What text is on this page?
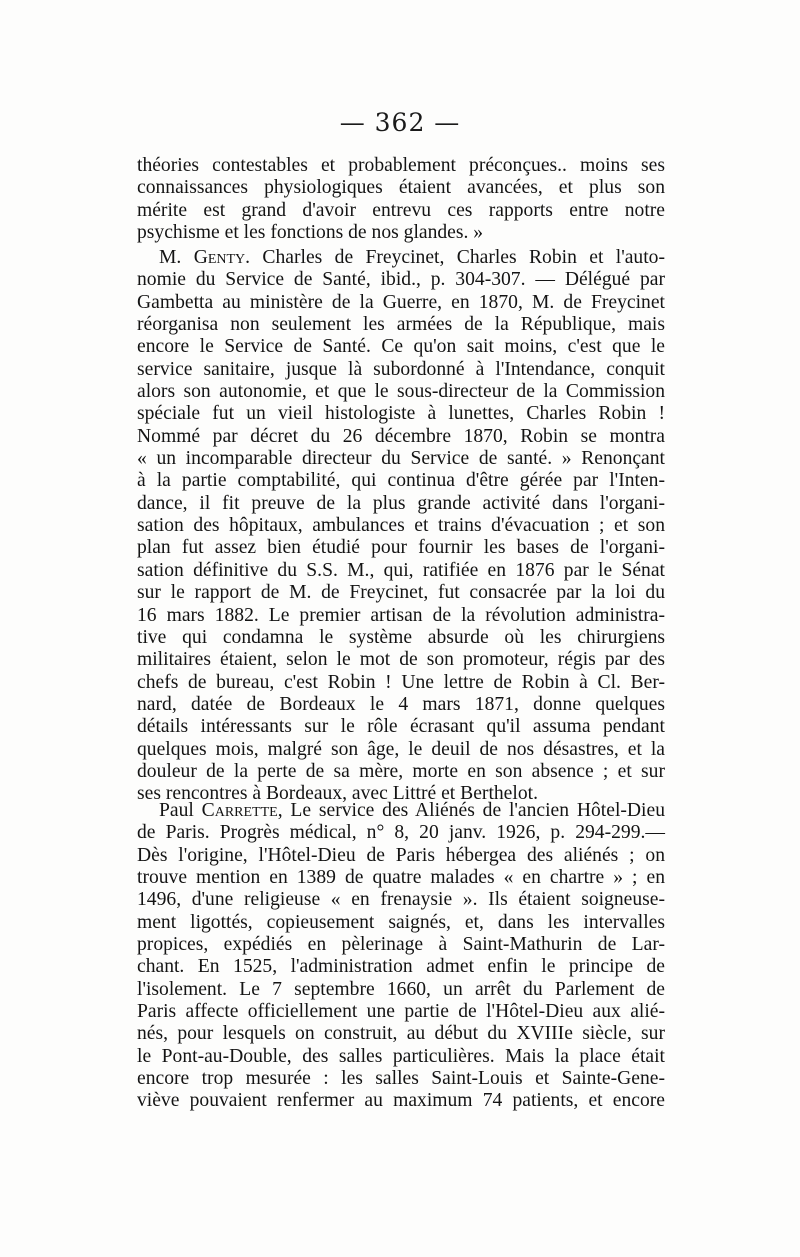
— 362 —
théories contestables et probablement préconçues.. moins ses
connaissances physiologiques étaient avancées, et plus son
mérite est grand d'avoir entrevu ces rapports entre notre
psychisme et les fonctions de nos glandes. »
M. Genty. Charles de Freycinet, Charles Robin et l'auto-
nomie du Service de Santé, ibid., p. 304-307. — Délégué par
Gambetta au ministère de la Guerre, en 1870, M. de Freycinet
réorganisa non seulement les armées de la République, mais
encore le Service de Santé. Ce qu'on sait moins, c'est que le
service sanitaire, jusque là subordonné à l'Intendance, conquit
alors son autonomie, et que le sous-directeur de la Commission
spéciale fut un vieil histologiste à lunettes, Charles Robin !
Nommé par décret du 26 décembre 1870, Robin se montra
« un incomparable directeur du Service de santé. » Renonçant
à la partie comptabilité, qui continua d'être gérée par l'Inten-
dance, il fit preuve de la plus grande activité dans l'organi-
sation des hôpitaux, ambulances et trains d'évacuation ; et son
plan fut assez bien étudié pour fournir les bases de l'organi-
sation définitive du S.S. M., qui, ratifiée en 1876 par le Sénat
sur le rapport de M. de Freycinet, fut consacrée par la loi du
16 mars 1882. Le premier artisan de la révolution administra-
tive qui condamna le système absurde où les chirurgiens
militaires étaient, selon le mot de son promoteur, régis par des
chefs de bureau, c'est Robin ! Une lettre de Robin à Cl. Ber-
nard, datée de Bordeaux le 4 mars 1871, donne quelques
détails intéressants sur le rôle écrasant qu'il assuma pendant
quelques mois, malgré son âge, le deuil de nos désastres, et la
douleur de la perte de sa mère, morte en son absence ; et sur
ses rencontres à Bordeaux, avec Littré et Berthelot.
Paul Carrette, Le service des Aliénés de l'ancien Hôtel-Dieu
de Paris. Progrès médical, n° 8, 20 janv. 1926, p. 294-299.—
Dès l'origine, l'Hôtel-Dieu de Paris hébergea des aliénés ; on
trouve mention en 1389 de quatre malades « en chartre » ; en
1496, d'une religieuse « en frenaysie ». Ils étaient soigneuse-
ment ligottés, copieusement saignés, et, dans les intervalles
propices, expédiés en pèlerinage à Saint-Mathurin de Lar-
chant. En 1525, l'administration admet enfin le principe de
l'isolement. Le 7 septembre 1660, un arrêt du Parlement de
Paris affecte officiellement une partie de l'Hôtel-Dieu aux alié-
nés, pour lesquels on construit, au début du XVIIIe siècle, sur
le Pont-au-Double, des salles particulières. Mais la place était
encore trop mesurée : les salles Saint-Louis et Sainte-Gene-
viève pouvaient renfermer au maximum 74 patients, et encore
